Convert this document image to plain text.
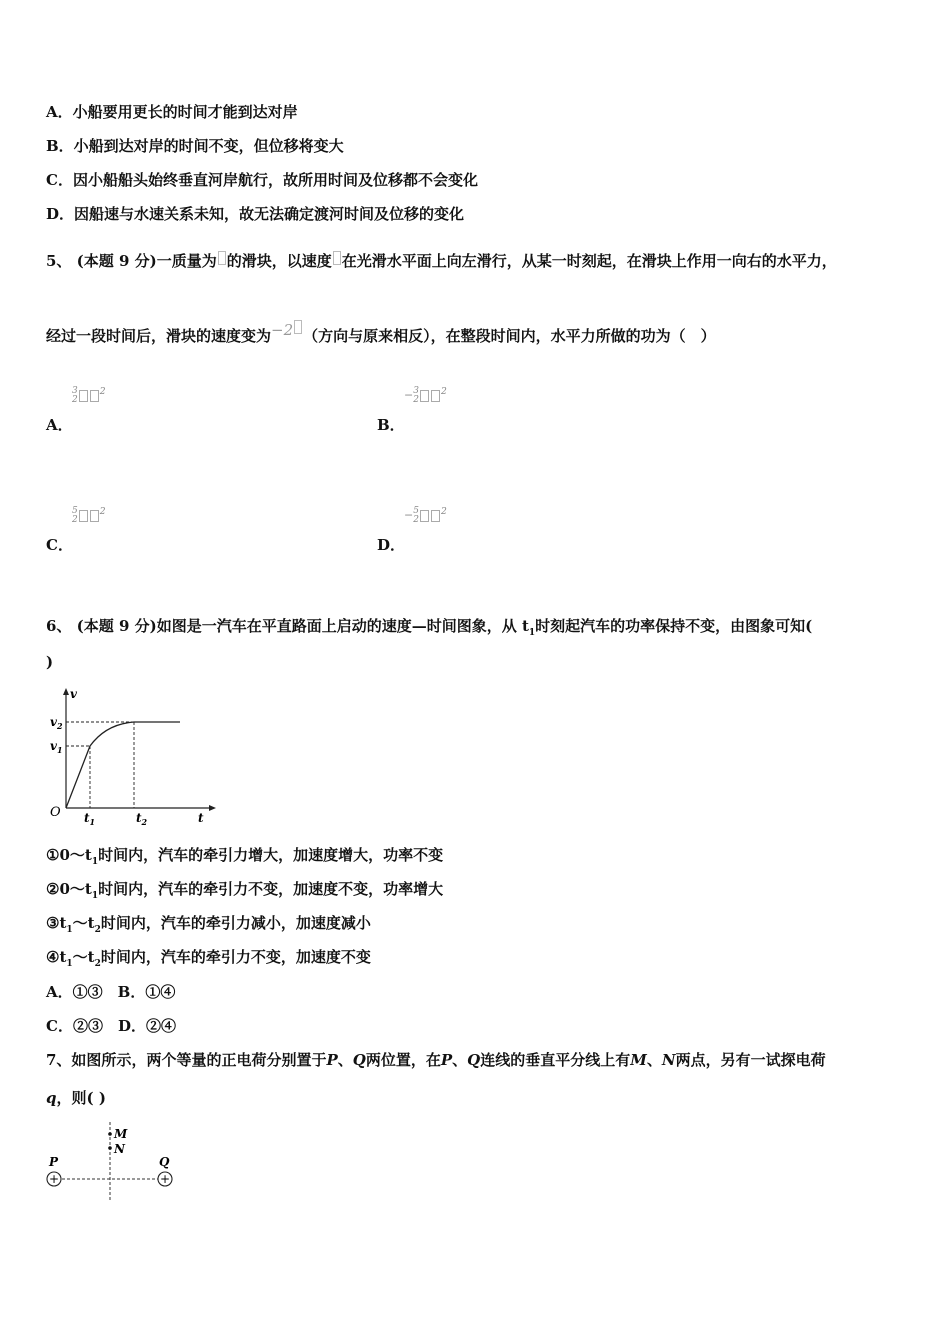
A．小船要用更长的时间才能到达对岸
B．小船到达对岸的时间不变，但位移将变大
C．因小船船头始终垂直河岸航行，故所用时间及位移都不会变化
D．因船速与水速关系未知，故无法确定渡河时间及位移的变化
5、 (本题 9 分)一质量为 的滑块，以速度 在光滑水平面上向左滑行，从某一时刻起，在滑块上作用一向右的水平力，
经过一段时间后，滑块的速度变为−2 （方向与原来相反），在整段时间内，水平力所做的功为（　）
3
2
$^2$
A．
− 3
2
$^2$
B．
5
2
$^2$
C．
− 5
2
$^2$
D．
6、 (本题 9 分)如图是一汽车在平直路面上启动的速度—时间图象，从 $t_1$时刻起汽车的功率保持不变，由图象可知(
)
v
t
O
$v_2$
$v_1$
$t_1$	$t_2$
$①0\sim t_1$时间内，汽车的牵引力增大，加速度增大，功率不变
$②0\sim t_1$时间内，汽车的牵引力不变，加速度不变，功率增大
$③t_1\sim t_2$时间内，汽车的牵引力减小，加速度减小
$④t_1\sim t_2$时间内，汽车的牵引力不变，加速度不变
A．①③　B．①④
C．②③　D．②④
7、如图所示，两个等量的正电荷分别置于P、Q两位置，在P、Q连线的垂直平分线上有M、N两点，另有一试探电荷
q，则( )
M
N
+
P
+
Q
